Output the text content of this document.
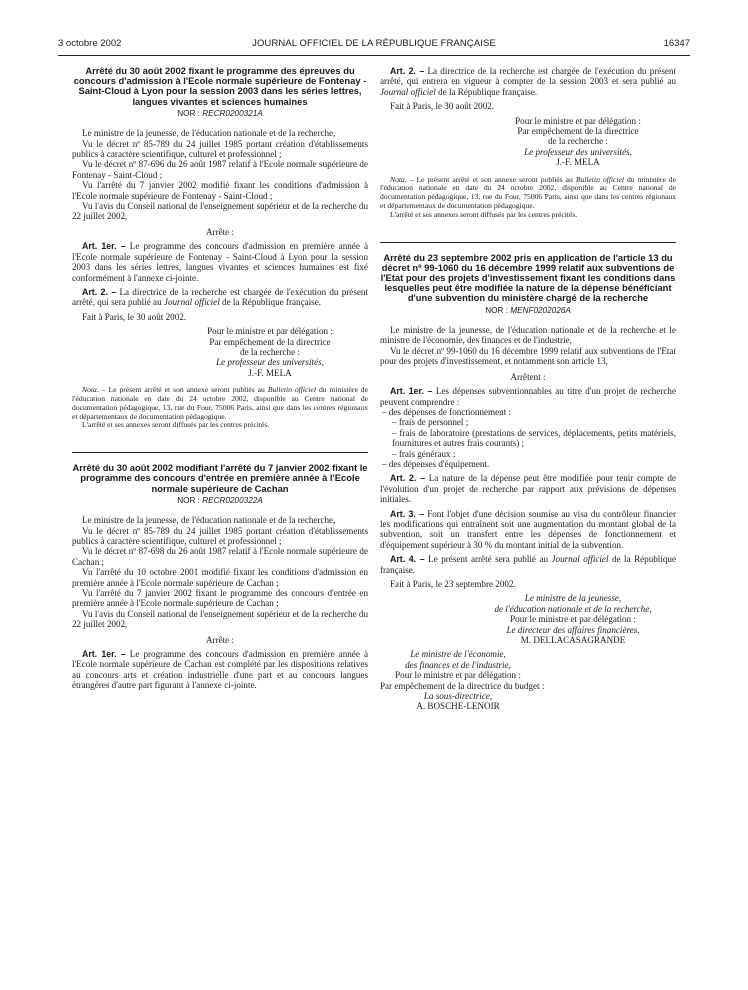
3 octobre 2002	JOURNAL OFFICIEL DE LA RÉPUBLIQUE FRANÇAISE	16347

Arrêté du 30 août 2002 fixant le programme des épreuves du concours d'admission à l'Ecole normale supérieure de Fontenay - Saint-Cloud à Lyon pour la session 2003 dans les séries lettres, langues vivantes et sciences humaines

NOR : RECR0200321A

Le ministre de la jeunesse, de l'éducation nationale et de la recherche,

Vu le décret nº 85-789 du 24 juillet 1985 portant création d'établissements publics à caractère scientifique, culturel et professionnel ;

Vu le décret nº 87-696 du 26 août 1987 relatif à l'Ecole normale supérieure de Fontenay - Saint-Cloud ;

Vu l'arrêté du 7 janvier 2002 modifié fixant les conditions d'admission à l'Ecole normale supérieure de Fontenay - Saint-Cloud ;

Vu l'avis du Conseil national de l'enseignement supérieur et de la recherche du 22 juillet 2002,

Arrête :

Art. 1er. – Le programme des concours d'admission en première année à l'Ecole normale supérieure de Fontenay - Saint-Cloud à Lyon pour la session 2003 dans les séries lettres, langues vivantes et sciences humaines est fixé conformément à l'annexe ci-jointe.

Art. 2. – La directrice de la recherche est chargée de l'exécution du présent arrêté, qui sera publié au Journal officiel de la République française.

Fait à Paris, le 30 août 2002.

Pour le ministre et par délégation :

Par empêchement de la directrice

de la recherche :

Le professeur des universités,

J.-F. MELA

Nota. – Le présent arrêté et son annexe seront publiés au Bulletin officiel du ministère de l'éducation nationale en date du 24 octobre 2002, disponible au Centre national de documentation pédagogique, 13, rue du Four, 75006 Paris, ainsi que dans les centres régionaux et départementaux de documentation pédagogique.

L'arrêté et ses annexes seront diffusés par les centres précités.

Arrêté du 30 août 2002 modifiant l'arrêté du 7 janvier 2002 fixant le programme des concours d'entrée en première année à l'Ecole normale supérieure de Cachan

NOR : RECR0200322A

Le ministre de la jeunesse, de l'éducation nationale et de la recherche,

Vu le décret nº 85-789 du 24 juillet 1985 portant création d'établissements publics à caractère scientifique, culturel et professionnel ;

Vu le décret nº 87-698 du 26 août 1987 relatif à l'Ecole normale supérieure de Cachan ;

Vu l'arrêté du 10 octobre 2001 modifié fixant les conditions d'admission en première année à l'Ecole normale supérieure de Cachan ;

Vu l'arrêté du 7 janvier 2002 fixant le programme des concours d'entrée en première année à l'Ecole normale supérieure de Cachan ;

Vu l'avis du Conseil national de l'enseignement supérieur et de la recherche du 22 juillet 2002,

Arrête :

Art. 1er. – Le programme des concours d'admission en première année à l'Ecole normale supérieure de Cachan est complété par les dispositions relatives au concours arts et création industrielle d'une part et au concours langues étrangères d'autre part figurant à l'annexe ci-jointe.

Art. 2. – La directrice de la recherche est chargée de l'exécution du présent arrêté, qui entrera en vigueur à compter de la session 2003 et sera publié au Journal officiel de la République française.

Fait à Paris, le 30 août 2002.

Pour le ministre et par délégation :

Par empêchement de la directrice

de la recherche :

Le professeur des universités,

J.-F. MELA

Nota. – Le présent arrêté et son annexe seront publiés au Bulletin officiel du ministère de l'éducation nationale en date du 24 octobre 2002, disponible au Centre national de documentation pédagogique, 13, rue du Four, 75006 Paris, ainsi que dans les centres régionaux et départementaux de documentation pédagogique.

L'arrêté et ses annexes seront diffusés par les centres précités.

Arrêté du 23 septembre 2002 pris en application de l'article 13 du décret nº 99-1060 du 16 décembre 1999 relatif aux subventions de l'Etat pour des projets d'investissement fixant les conditions dans lesquelles peut être modifiée la nature de la dépense bénéficiant d'une subvention du ministère chargé de la recherche

NOR : MENF0202026A

Le ministre de la jeunesse, de l'éducation nationale et de la recherche et le ministre de l'économie, des finances et de l'industrie,

Vu le décret nº 99-1060 du 16 décembre 1999 relatif aux subventions de l'Etat pour des projets d'investissement, et notamment son article 13,

Arrêtent :

Art. 1er. – Les dépenses subventionnables au titre d'un projet de recherche peuvent comprendre :

– des dépenses de fonctionnement :

– frais de personnel ;

– frais de laboratoire (prestations de services, déplacements, petits matériels, fournitures et autres frais courants) ;

– frais généraux ;

– des dépenses d'équipement.

Art. 2. – La nature de la dépense peut être modifiée pour tenir compte de l'évolution d'un projet de recherche par rapport aux prévisions de dépenses initiales.

Art. 3. – Font l'objet d'une décision soumise au visa du contrôleur financier les modifications qui entraînent soit une augmentation du montant global de la subvention, soit un transfert entre les dépenses de fonctionnement et d'équipement supérieur à 30 % du montant initial de la subvention.

Art. 4. – Le présent arrêté sera publié au Journal officiel de la République française.

Fait à Paris, le 23 septembre 2002.

Le ministre de la jeunesse,

de l'éducation nationale et de la recherche,

Pour le ministre et par délégation :

Le directeur des affaires financières,

M. DELLACASAGRANDE

Le ministre de l'économie,

des finances et de l'industrie,

Pour le ministre et par délégation :

Par empêchement de la directrice du budget :

La sous-directrice,

A. BOSCHE-LENOIR
